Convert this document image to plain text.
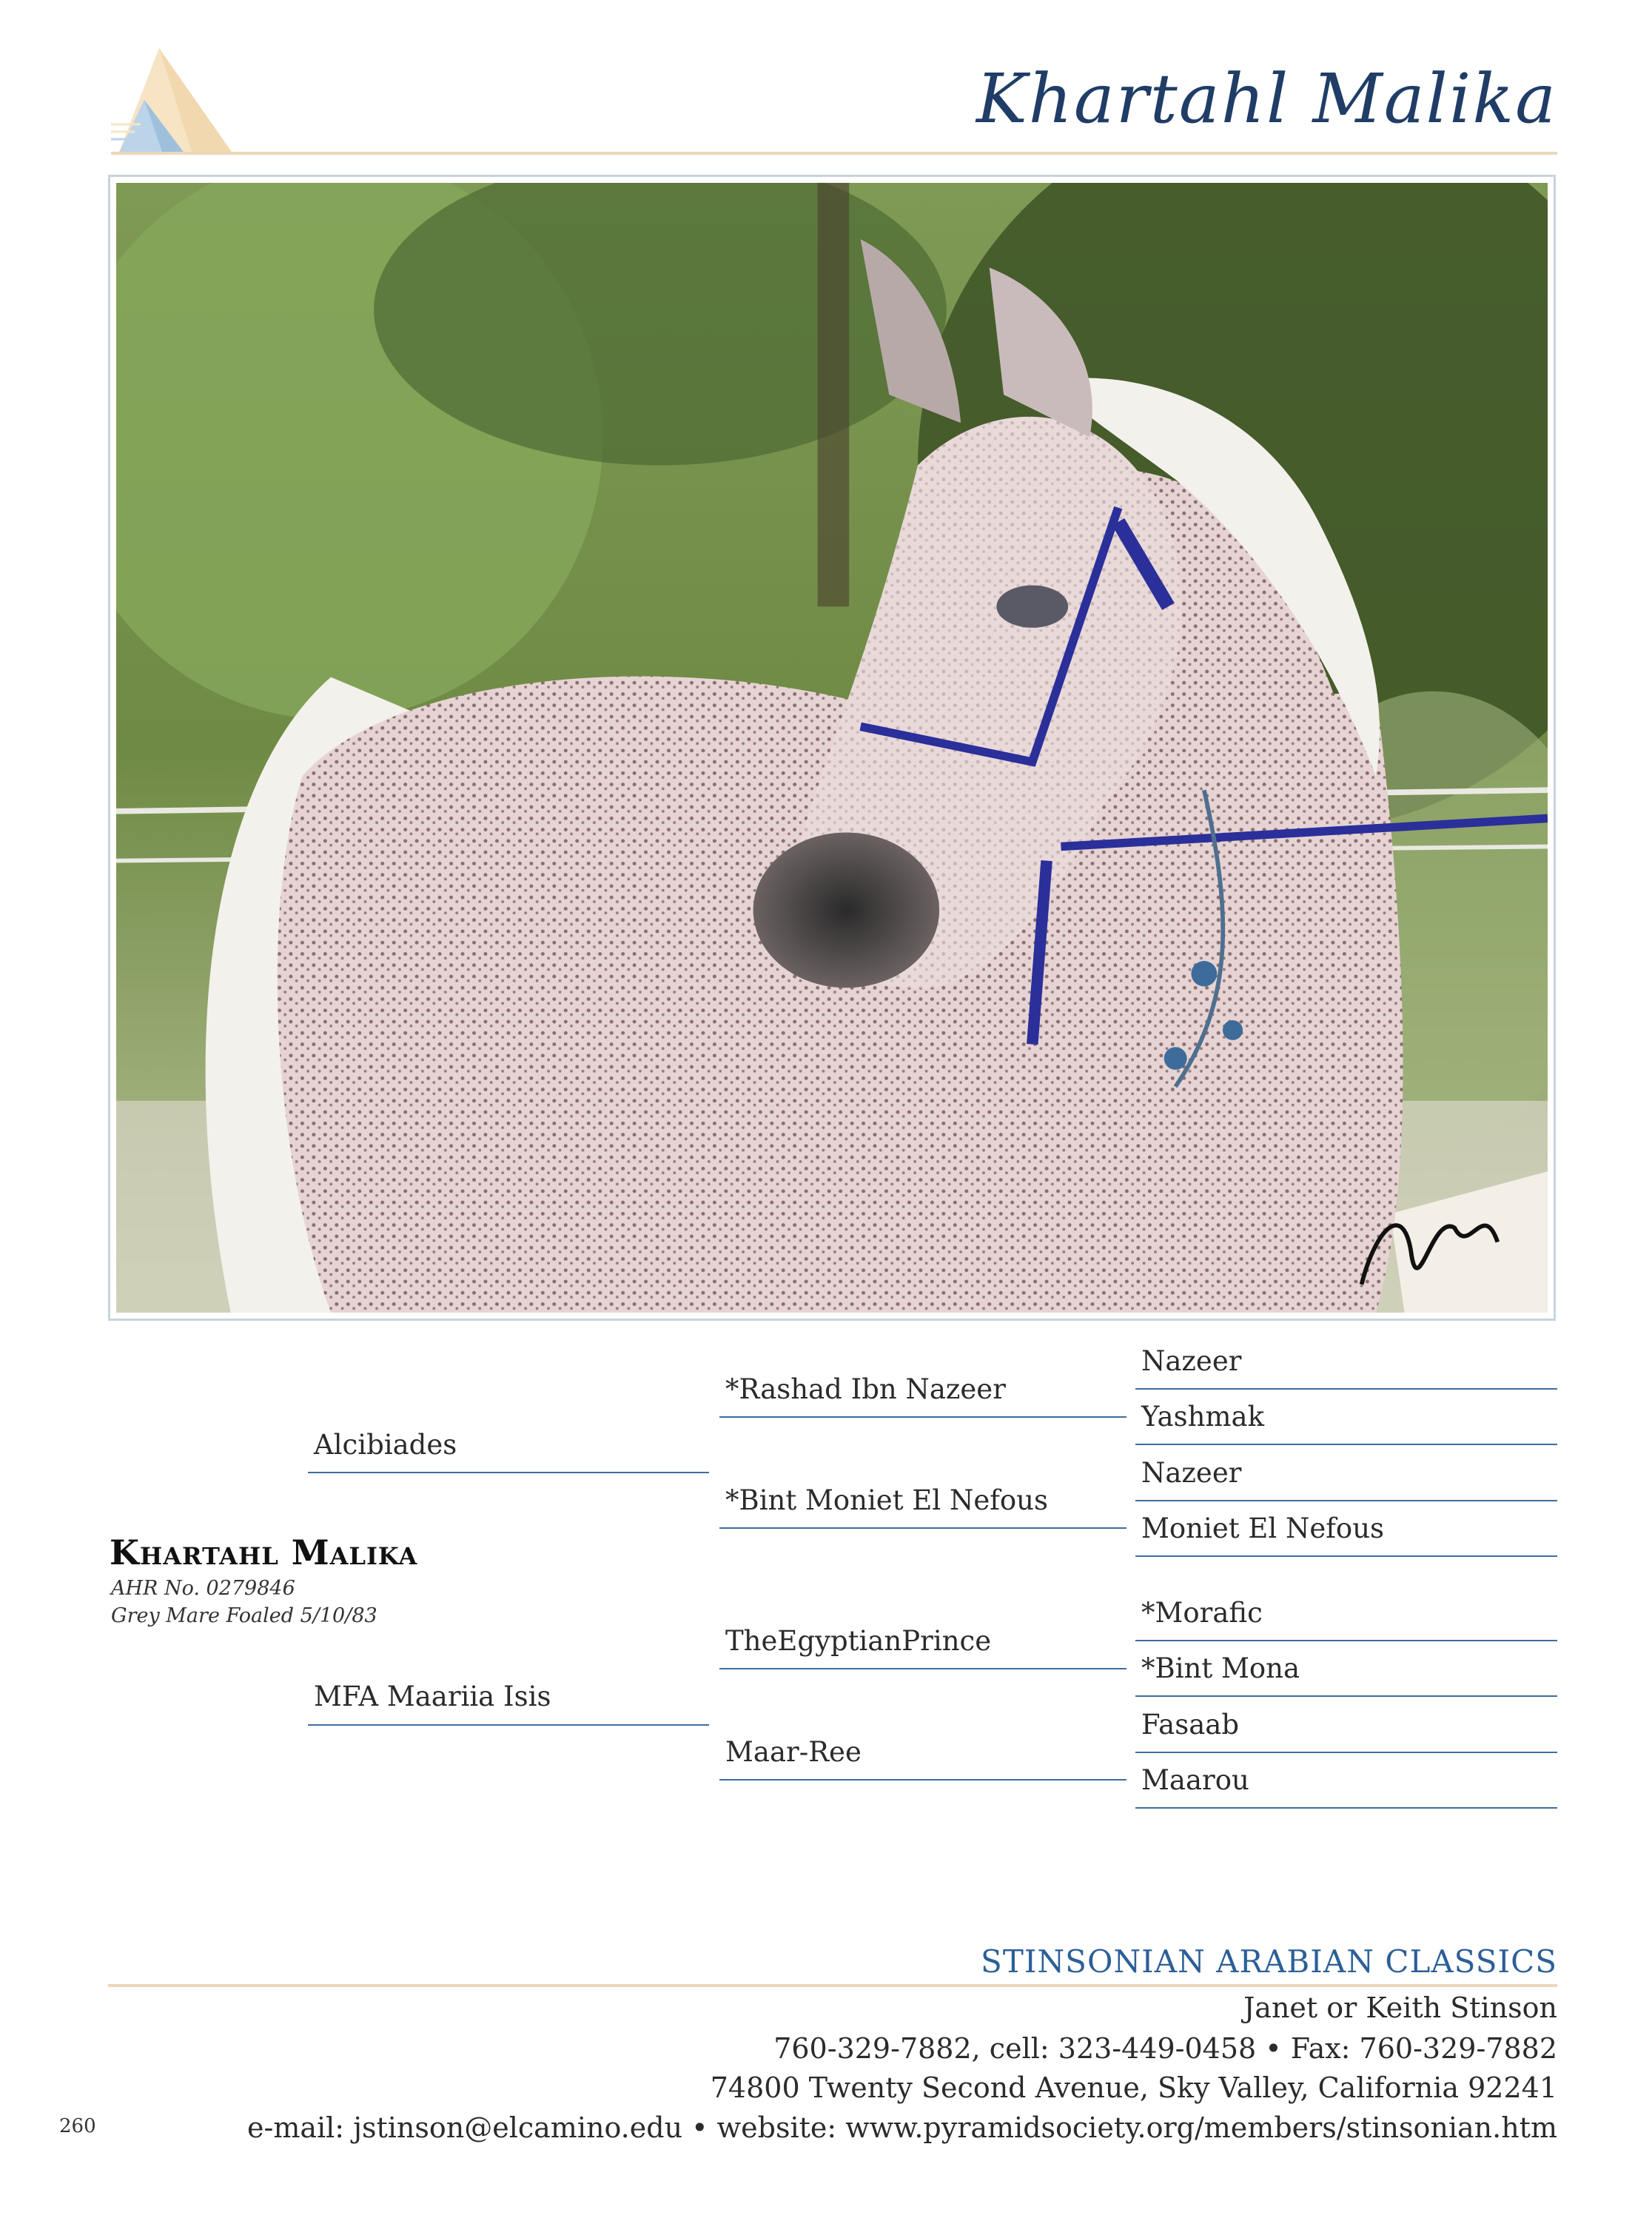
Khartahl Malika
Khartahl Malika
AHR No. 0279846
Grey Mare Foaled 5/10/83
Alcibiades
MFA Maariia Isis
*Rashad Ibn Nazeer
*Bint Moniet El Nefous
TheEgyptianPrince
Maar-Ree
Nazeer
Yashmak
Nazeer
Moniet El Nefous
*Morafic
*Bint Mona
Fasaab
Maarou
STINSONIAN ARABIAN CLASSICS
Janet or Keith Stinson
760-329-7882, cell: 323-449-0458 • Fax: 760-329-7882
74800 Twenty Second Avenue, Sky Valley, California 92241
e-mail: jstinson@elcamino.edu • website: www.pyramidsociety.org/members/stinsonian.htm
260
